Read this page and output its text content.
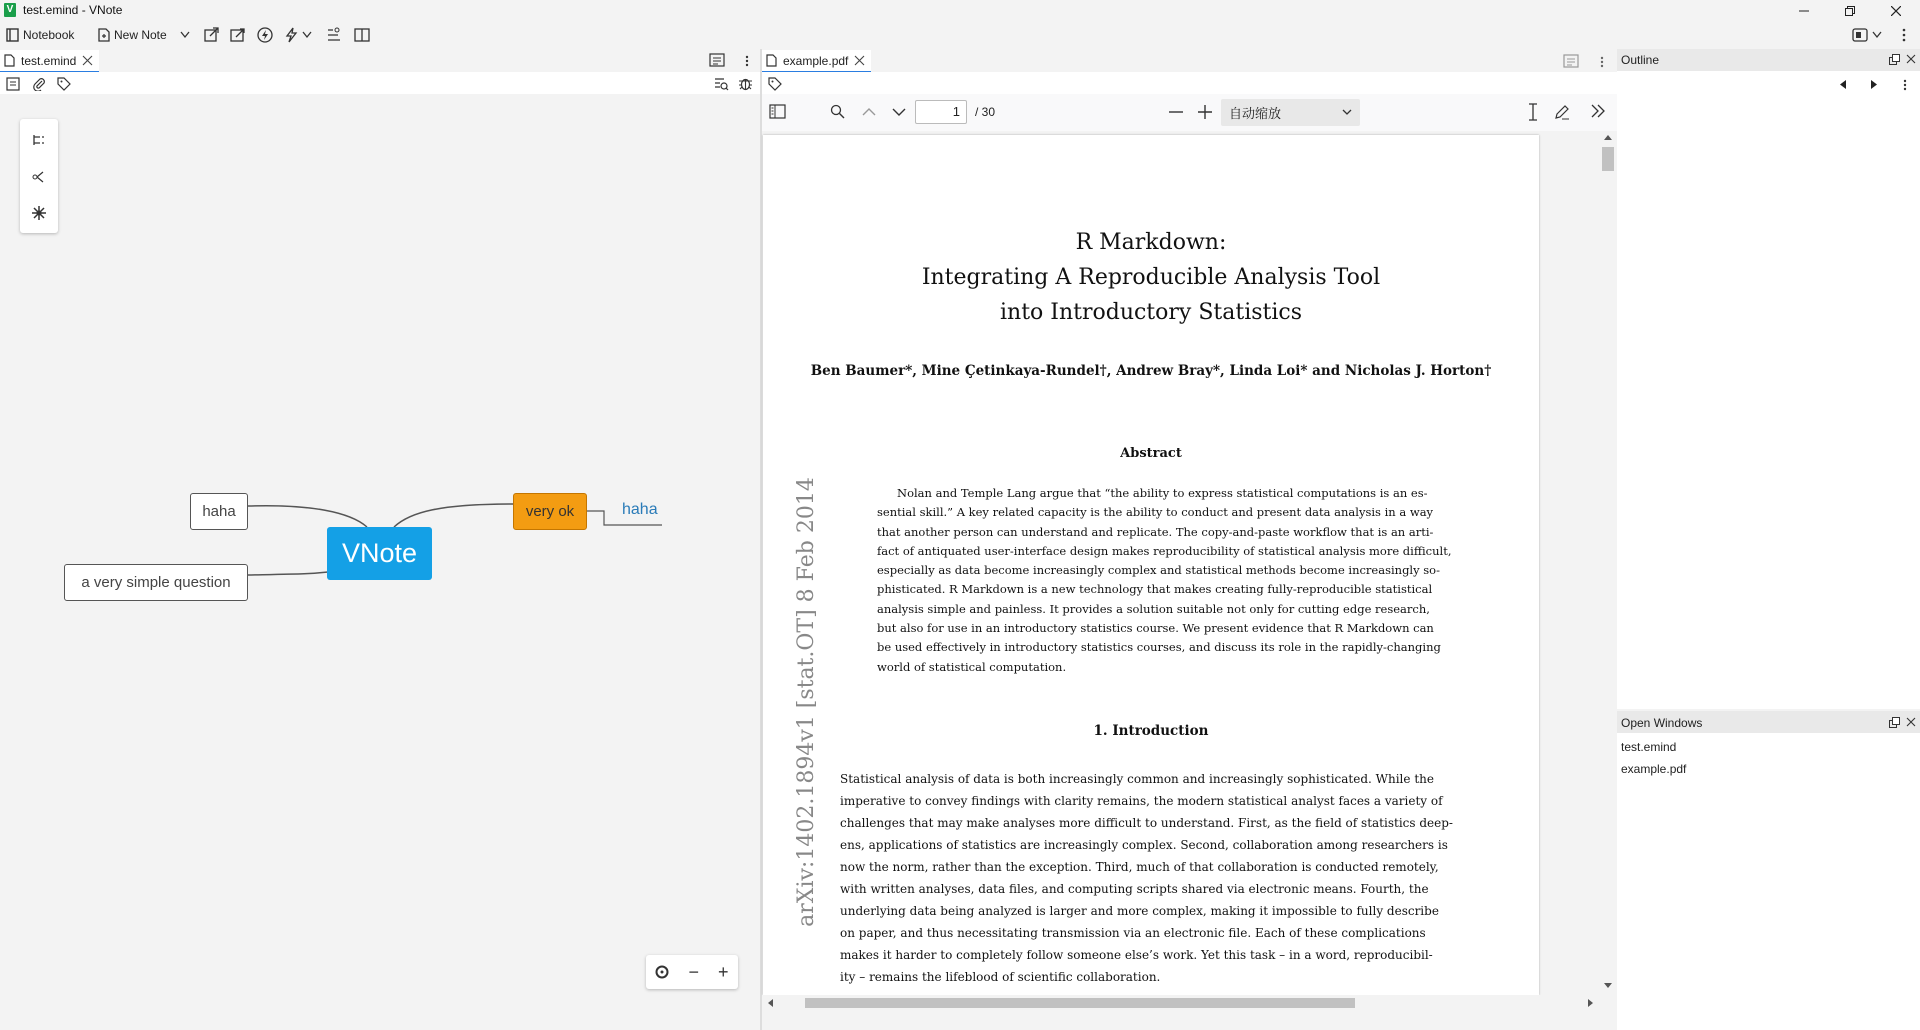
V test.emind - VNote
Notebook	New Note
test.emind
haha
a very simple question
VNote
very ok	haha
− +
example.pdf
1	/ 30	自动缩放
R Markdown:
Integrating A Reproducible Analysis Tool
into Introductory Statistics
Ben Baumer*, Mine Çetinkaya-Rundel†, Andrew Bray*, Linda Loi* and Nicholas J. Horton†
Abstract
Nolan and Temple Lang argue that “the ability to express statistical computations is an es-
sential skill.” A key related capacity is the ability to conduct and present data analysis in a way
that another person can understand and replicate. The copy-and-paste workflow that is an arti-
fact of antiquated user-interface design makes reproducibility of statistical analysis more difficult,
especially as data become increasingly complex and statistical methods become increasingly so-
phisticated. R Markdown is a new technology that makes creating fully-reproducible statistical
analysis simple and painless. It provides a solution suitable not only for cutting edge research,
but also for use in an introductory statistics course. We present evidence that R Markdown can
be used effectively in introductory statistics courses, and discuss its role in the rapidly-changing
world of statistical computation.
1. Introduction
Statistical analysis of data is both increasingly common and increasingly sophisticated. While the
imperative to convey findings with clarity remains, the modern statistical analyst faces a variety of
challenges that may make analyses more difficult to understand. First, as the field of statistics deep-
ens, applications of statistics are increasingly complex. Second, collaboration among researchers is
now the norm, rather than the exception. Third, much of that collaboration is conducted remotely,
with written analyses, data files, and computing scripts shared via electronic means. Fourth, the
underlying data being analyzed is larger and more complex, making it impossible to fully describe
on paper, and thus necessitating transmission via an electronic file. Each of these complications
makes it harder to completely follow someone else’s work. Yet this task – in a word, reproducibil-
ity – remains the lifeblood of scientific collaboration.
arXiv:1402.1894v1 [stat.OT] 8 Feb 2014
Outline
Open Windows
test.emind
example.pdf
